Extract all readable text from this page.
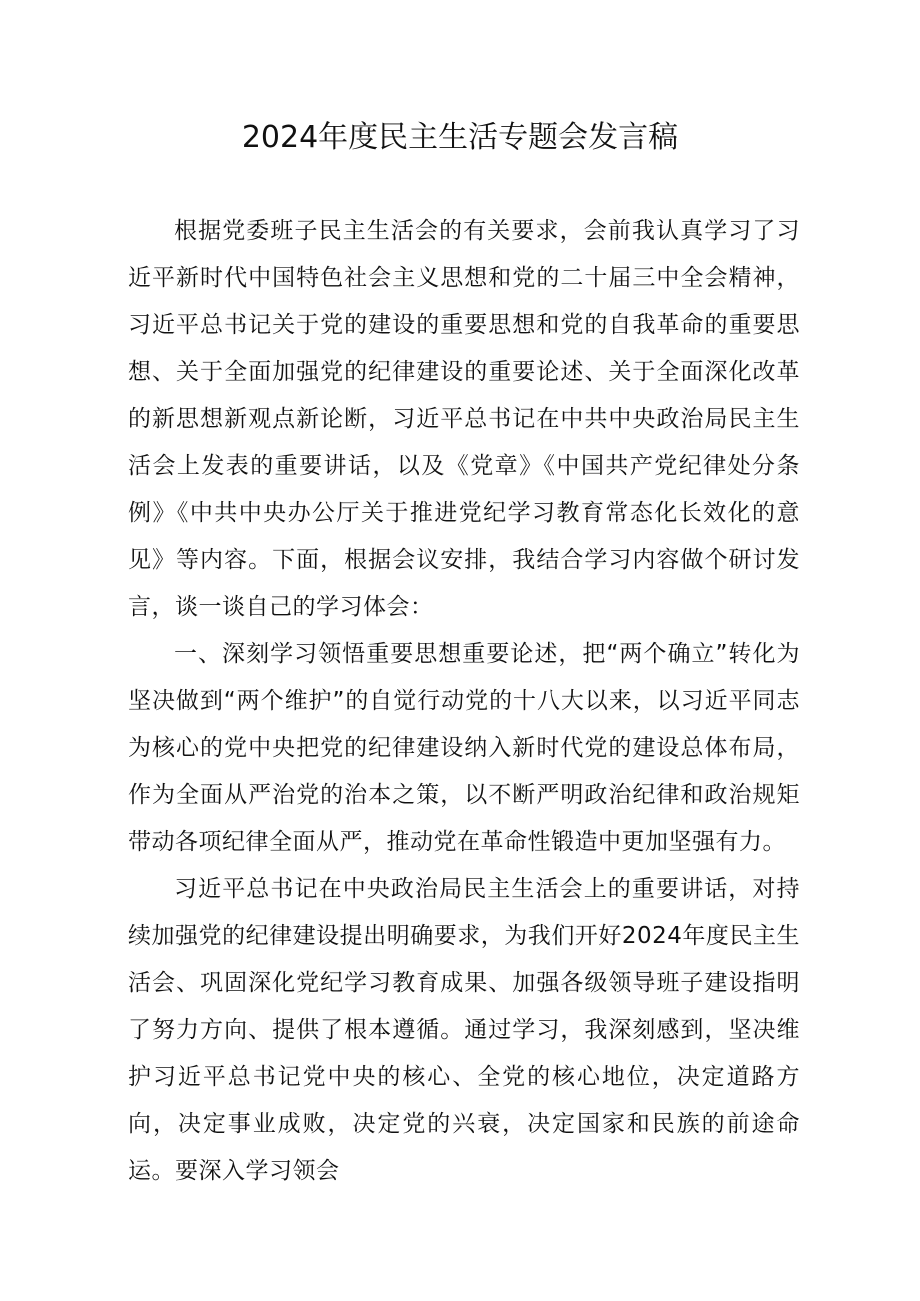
2024年度民主生活专题会发言稿

根据党委班子民主生活会的有关要求，会前我认真学习了习近平新时代中国特色社会主义思想和党的二十届三中全会精神，习近平总书记关于党的建设的重要思想和党的自我革命的重要思想、关于全面加强党的纪律建设的重要论述、关于全面深化改革的新思想新观点新论断，习近平总书记在中共中央政治局民主生活会上发表的重要讲话，以及《党章》《中国共产党纪律处分条例》《中共中央办公厅关于推进党纪学习教育常态化长效化的意见》等内容。下面，根据会议安排，我结合学习内容做个研讨发言，谈一谈自己的学习体会：

一、深刻学习领悟重要思想重要论述，把“两个确立”转化为坚决做到“两个维护”的自觉行动党的十八大以来，以习近平同志为核心的党中央把党的纪律建设纳入新时代党的建设总体布局，作为全面从严治党的治本之策，以不断严明政治纪律和政治规矩带动各项纪律全面从严，推动党在革命性锻造中更加坚强有力。

习近平总书记在中央政治局民主生活会上的重要讲话，对持续加强党的纪律建设提出明确要求，为我们开好2024年度民主生活会、巩固深化党纪学习教育成果、加强各级领导班子建设指明了努力方向、提供了根本遵循。通过学习，我深刻感到，坚决维护习近平总书记党中央的核心、全党的核心地位，决定道路方向，决定事业成败，决定党的兴衰，决定国家和民族的前途命运。要深入学习领会
